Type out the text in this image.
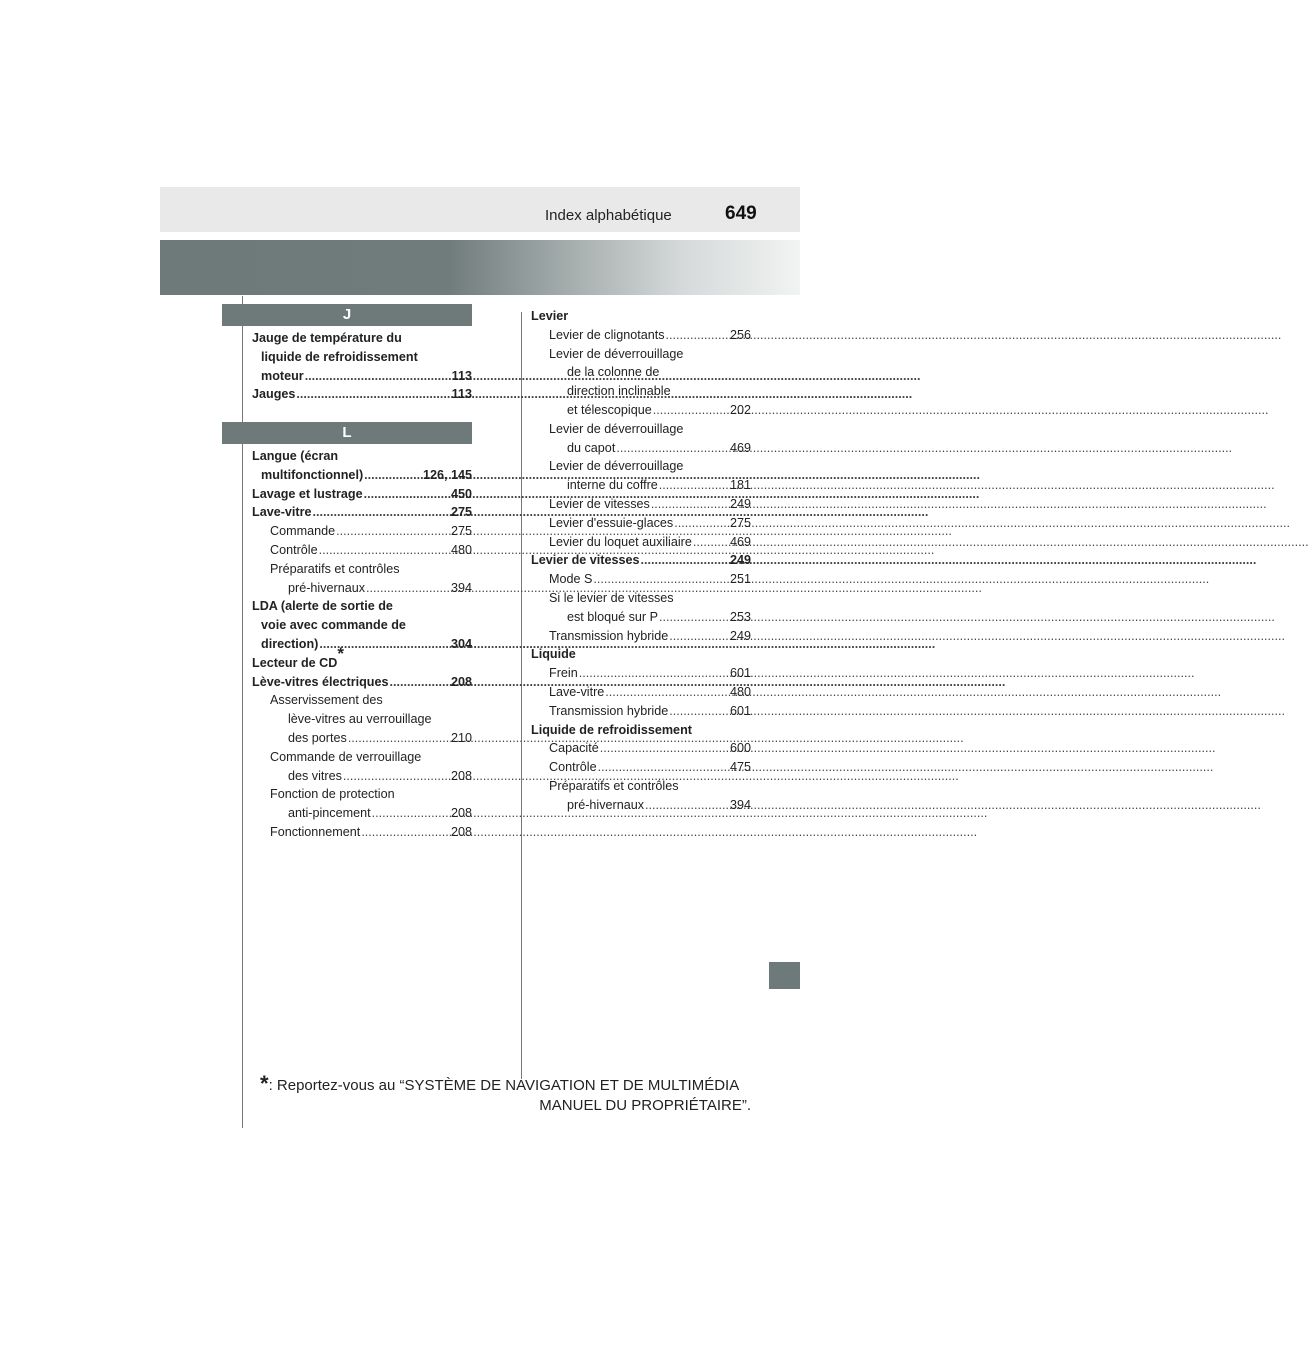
Index alphabétique	649
J
Jauge de température du
liquide de refroidissement
moteur .....	113
Jauges .....	113
L
Langue (écran
multifonctionnel) .....	126, 145
Lavage et lustrage .....	450
Lave-vitre .....	275
Commande .....	275
Contrôle .....	480
Préparatifs et contrôles
pré-hivernaux .....	394
LDA (alerte de sortie de
voie avec commande de
direction) .....	304
Lecteur de CD *
Lève-vitres électriques .....	208
Asservissement des
lève-vitres au verrouillage
des portes .....	210
Commande de verrouillage
des vitres .....	208
Fonction de protection
anti-pincement .....	208
Fonctionnement .....	208
Levier
Levier de clignotants .....	256
Levier de déverrouillage
de la colonne de
direction inclinable
et télescopique .....	202
Levier de déverrouillage
du capot .....	469
Levier de déverrouillage
interne du coffre .....	181
Levier de vitesses .....	249
Levier d'essuie-glaces .....	275
Levier du loquet auxiliaire .....	469
Levier de vitesses .....	249
Mode S .....	251
Si le levier de vitesses
est bloqué sur P .....	253
Transmission hybride .....	249
Liquide
Frein .....	601
Lave-vitre .....	480
Transmission hybride .....	601
Liquide de refroidissement
Capacité .....	600
Contrôle .....	475
Préparatifs et contrôles
pré-hivernaux .....	394
*: Reportez-vous au “SYSTÈME DE NAVIGATION ET DE MULTIMÉDIA
MANUEL DU PROPRIÉTAIRE”.
